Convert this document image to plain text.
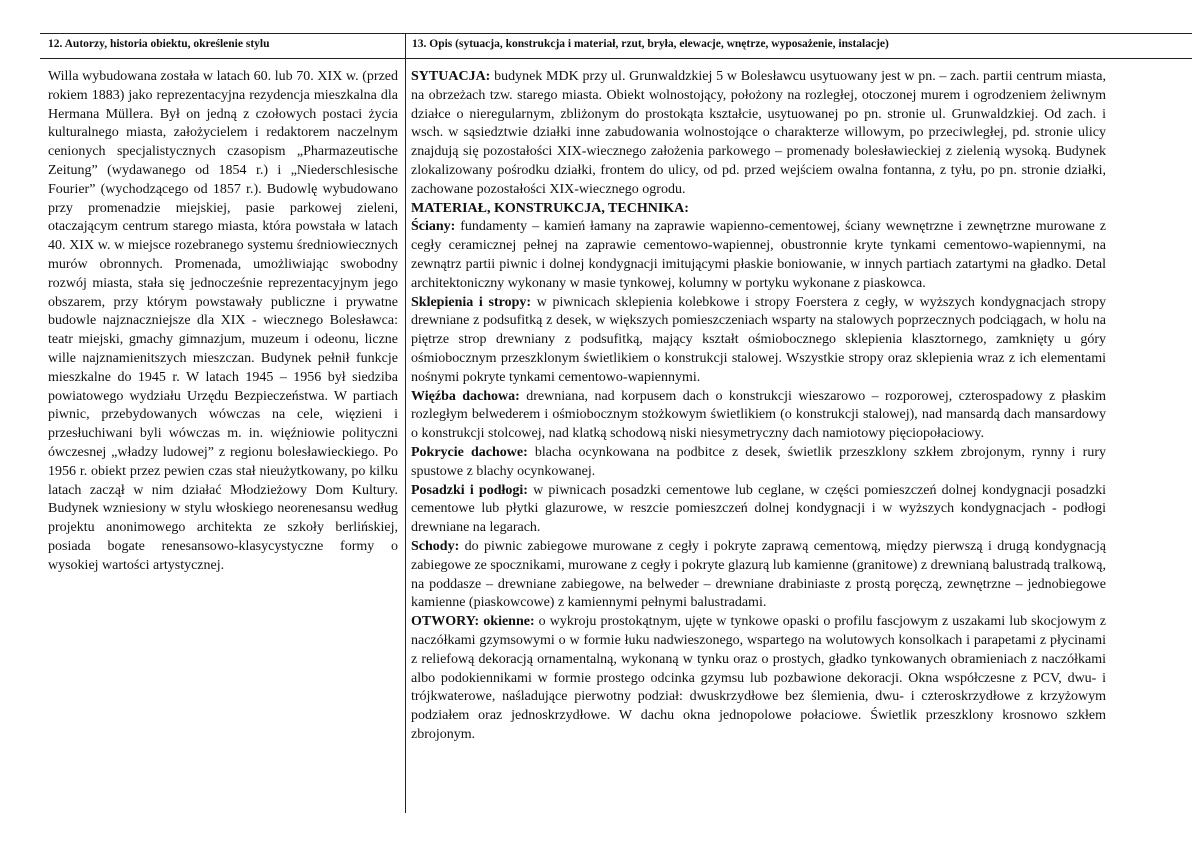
12. Autorzy, historia obiektu, określenie stylu	13. Opis (sytuacja, konstrukcja i materiał, rzut, bryła, elewacje, wnętrze, wyposażenie, instalacje)
Willa wybudowana została w latach 60. lub 70. XIX w. (przed rokiem 1883) jako reprezentacyjna rezydencja mieszkalna dla Hermana Müllera. Był on jedną z czołowych postaci życia kulturalnego miasta, założycielem i redaktorem naczelnym cenionych specjalistycznych czasopism „Pharmazeutische Zeitung” (wydawanego od 1854 r.) i „Niederschlesische Fourier” (wychodzącego od 1857 r.). Budowlę wybudowano przy promenadzie miejskiej, pasie parkowej zieleni, otaczającym centrum starego miasta, która powstała w latach 40. XIX w. w miejsce rozebranego systemu średniowiecznych murów obronnych. Promenada, umożliwiając swobodny rozwój miasta, stała się jednocześnie reprezentacyjnym jego obszarem, przy którym powstawały publiczne i prywatne budowle najznaczniejsze dla XIX - wiecznego Bolesławca: teatr miejski, gmachy gimnazjum, muzeum i odeonu, liczne wille najznamienitszych mieszczan. Budynek pełnił funkcje mieszkalne do 1945 r. W latach 1945 – 1956 był siedziba powiatowego wydziału Urzędu Bezpieczeństwa. W partiach piwnic, przebydowanych wówczas na cele, więzieni i przesłuchiwani byli wówczas m. in. więźniowie polityczni ówczesnej „władzy ludowej” z regionu bolesławieckiego. Po 1956 r. obiekt przez pewien czas stał nieużytkowany, po kilku latach zaczął w nim działać Młodzieżowy Dom Kultury. Budynek wzniesiony w stylu włoskiego neorenesansu według projektu anonimowego architekta ze szkoły berlińskiej, posiada bogate renesansowo-klasycystyczne formy o wysokiej wartości artystycznej.

SYTUACJA: budynek MDK przy ul. Grunwaldzkiej 5 w Bolesławcu usytuowany jest w pn. – zach. partii centrum miasta, na obrzeżach tzw. starego miasta. Obiekt wolnostojący, położony na rozległej, otoczonej murem i ogrodzeniem żeliwnym działce o nieregularnym, zbliżonym do prostokąta kształcie, usytuowanej po pn. stronie ul. Grunwaldzkiej. Od zach. i wsch. w sąsiedztwie działki inne zabudowania wolnostojące o charakterze willowym, po przeciwległej, pd. stronie ulicy znajdują się pozostałości XIX-wiecznego założenia parkowego – promenady bolesławieckiej z zielenią wysoką. Budynek zlokalizowany pośrodku działki, frontem do ulicy, od pd. przed wejściem owalna fontanna, z tyłu, po pn. stronie działki, zachowane pozostałości XIX-wiecznego ogrodu.

MATERIAŁ, KONSTRUKCJA, TECHNIKA:

Ściany: fundamenty – kamień łamany na zaprawie wapienno-cementowej, ściany wewnętrzne i zewnętrzne murowane z cegły ceramicznej pełnej na zaprawie cementowo-wapiennej, obustronnie kryte tynkami cementowo-wapiennymi, na zewnątrz partii piwnic i dolnej kondygnacji imitującymi płaskie boniowanie, w innych partiach zatartymi na gładko. Detal architektoniczny wykonany w masie tynkowej, kolumny w portyku wykonane z piaskowca.

Sklepienia i stropy: w piwnicach sklepienia kolebkowe i stropy Foerstera z cegły, w wyższych kondygnacjach stropy drewniane z podsufitką z desek, w większych pomieszczeniach wsparty na stalowych poprzecznych podciągach, w holu na piętrze strop drewniany z podsufitką, mający kształt ośmiobocznego sklepienia klasztornego, zamknięty u góry ośmiobocznym przeszklonym świetlikiem o konstrukcji stalowej. Wszystkie stropy oraz sklepienia wraz z ich elementami nośnymi pokryte tynkami cementowo-wapiennymi.

Więźba dachowa: drewniana, nad korpusem dach o konstrukcji wieszarowo – rozporowej, czterospadowy z płaskim rozległym belwederem i ośmiobocznym stożkowym świetlikiem (o konstrukcji stalowej), nad mansardą dach mansardowy o konstrukcji stolcowej, nad klatką schodową niski niesymetryczny dach namiotowy pięciopołaciowy.

Pokrycie dachowe: blacha ocynkowana na podbitce z desek, świetlik przeszklony szkłem zbrojonym, rynny i rury spustowe z blachy ocynkowanej.

Posadzki i podłogi: w piwnicach posadzki cementowe lub ceglane, w części pomieszczeń dolnej kondygnacji posadzki cementowe lub płytki glazurowe, w reszcie pomieszczeń dolnej kondygnacji i w wyższych kondygnacjach - podłogi drewniane na legarach.

Schody: do piwnic zabiegowe murowane z cegły i pokryte zaprawą cementową, między pierwszą i drugą kondygnacją zabiegowe ze spocznikami, murowane z cegły i pokryte glazurą lub kamienne (granitowe) z drewnianą balustradą tralkową, na poddasze – drewniane zabiegowe, na belweder – drewniane drabiniaste z prostą poręczą, zewnętrzne – jednobiegowe kamienne (piaskowcowe) z kamiennymi pełnymi balustradami.

OTWORY: okienne: o wykroju prostokątnym, ujęte w tynkowe opaski o profilu fascjowym z uszakami lub skocjowym z naczółkami gzymsowymi o w formie łuku nadwieszonego, wspartego na wolutowych konsolkach i parapetami z płycinami z reliefową dekoracją ornamentalną, wykonaną w tynku oraz o prostych, gładko tynkowanych obramieniach z naczółkami albo podokiennikami w formie prostego odcinka gzymsu lub pozbawione dekoracji. Okna współczesne z PCV, dwu- i trójkwaterowe, naśladujące pierwotny podział: dwuskrzydłowe bez ślemienia, dwu- i czteroskrzydłowe z krzyżowym podziałem oraz jednoskrzydłowe. W dachu okna jednopolowe połaciowe. Świetlik przeszklony krosnowo szkłem zbrojonym.
